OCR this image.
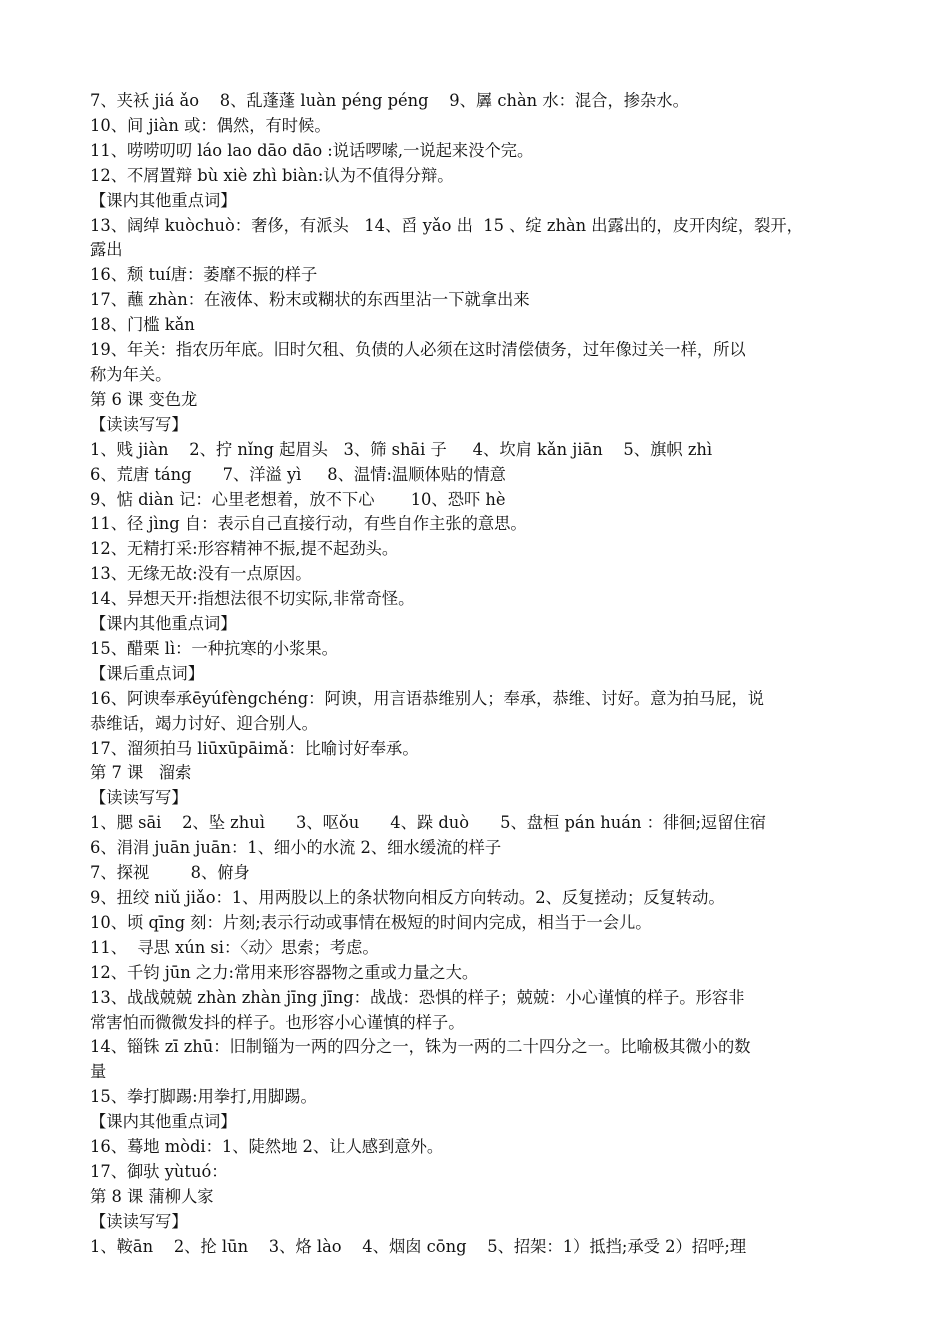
7、夹袄 jiá ǎo    8、乱蓬蓬 luàn péng péng    9、羼 chàn 水：混合，掺杂水。
10、间 jiàn 或：偶然，有时候。
11、唠唠叨叨 láo lao dāo dāo :说话啰嗦,一说起来没个完。
12、不屑置辩 bù xiè zhì biàn:认为不值得分辩。
【课内其他重点词】
13、阔绰 kuòchuò：奢侈，有派头   14、舀 yǎo 出  15 、绽 zhàn 出露出的，皮开肉绽，裂开，
露出
16、颓 tuí唐：萎靡不振的样子
17、蘸 zhàn：在液体、粉末或糊状的东西里沾一下就拿出来
18、门槛 kǎn
19、年关：指农历年底。旧时欠租、负债的人必须在这时清偿债务，过年像过关一样，所以
称为年关。
第 6 课 变色龙
【读读写写】
1、贱 jiàn    2、拧 nǐng 起眉头   3、筛 shāi 子     4、坎肩 kǎn jiān    5、旗帜 zhì
6、荒唐 táng      7、洋溢 yì     8、温情:温顺体贴的情意
9、惦 diàn 记：心里老想着，放不下心       10、恐吓 hè
11、径 jìng 自：表示自己直接行动，有些自作主张的意思。
12、无精打采:形容精神不振,提不起劲头。
13、无缘无故:没有一点原因。
14、异想天开:指想法很不切实际,非常奇怪。
【课内其他重点词】
15、醋栗 lì：一种抗寒的小浆果。
【课后重点词】
16、阿谀奉承ēyúfèngchéng：阿谀，用言语恭维别人；奉承，恭维、讨好。意为拍马屁，说
恭维话，竭力讨好、迎合别人。
17、溜须拍马 liūxūpāimǎ：比喻讨好奉承。
第 7 课   溜索
【读读写写】
1、腮 sāi    2、坠 zhuì      3、呕ǒu      4、跺 duò      5、盘桓 pán huán ：徘徊;逗留住宿
6、涓涓 juān juān：1、细小的水流 2、细水缓流的样子
7、探视        8、俯身
9、扭绞 niǔ jiǎo：1、用两股以上的条状物向相反方向转动。2、反复搓动；反复转动。
10、顷 qīng 刻：片刻;表示行动或事情在极短的时间内完成，相当于一会儿。
11、  寻思 xún si：〈动〉思索；考虑。
12、千钧 jūn 之力:常用来形容器物之重或力量之大。
13、战战兢兢 zhàn zhàn jīng jīng：战战：恐惧的样子；兢兢：小心谨慎的样子。形容非
常害怕而微微发抖的样子。也形容小心谨慎的样子。
14、锱铢 zī zhū：旧制锱为一两的四分之一，铢为一两的二十四分之一。比喻极其微小的数
量
15、拳打脚踢:用拳打,用脚踢。
【课内其他重点词】
16、蓦地 mòdi：1、陡然地 2、让人感到意外。
17、御驮 yùtuó：
第 8 课 蒲柳人家
【读读写写】
1、鞍ān    2、抡 lūn    3、烙 lào    4、烟囱 cōng    5、招架：1）抵挡;承受 2）招呼;理
